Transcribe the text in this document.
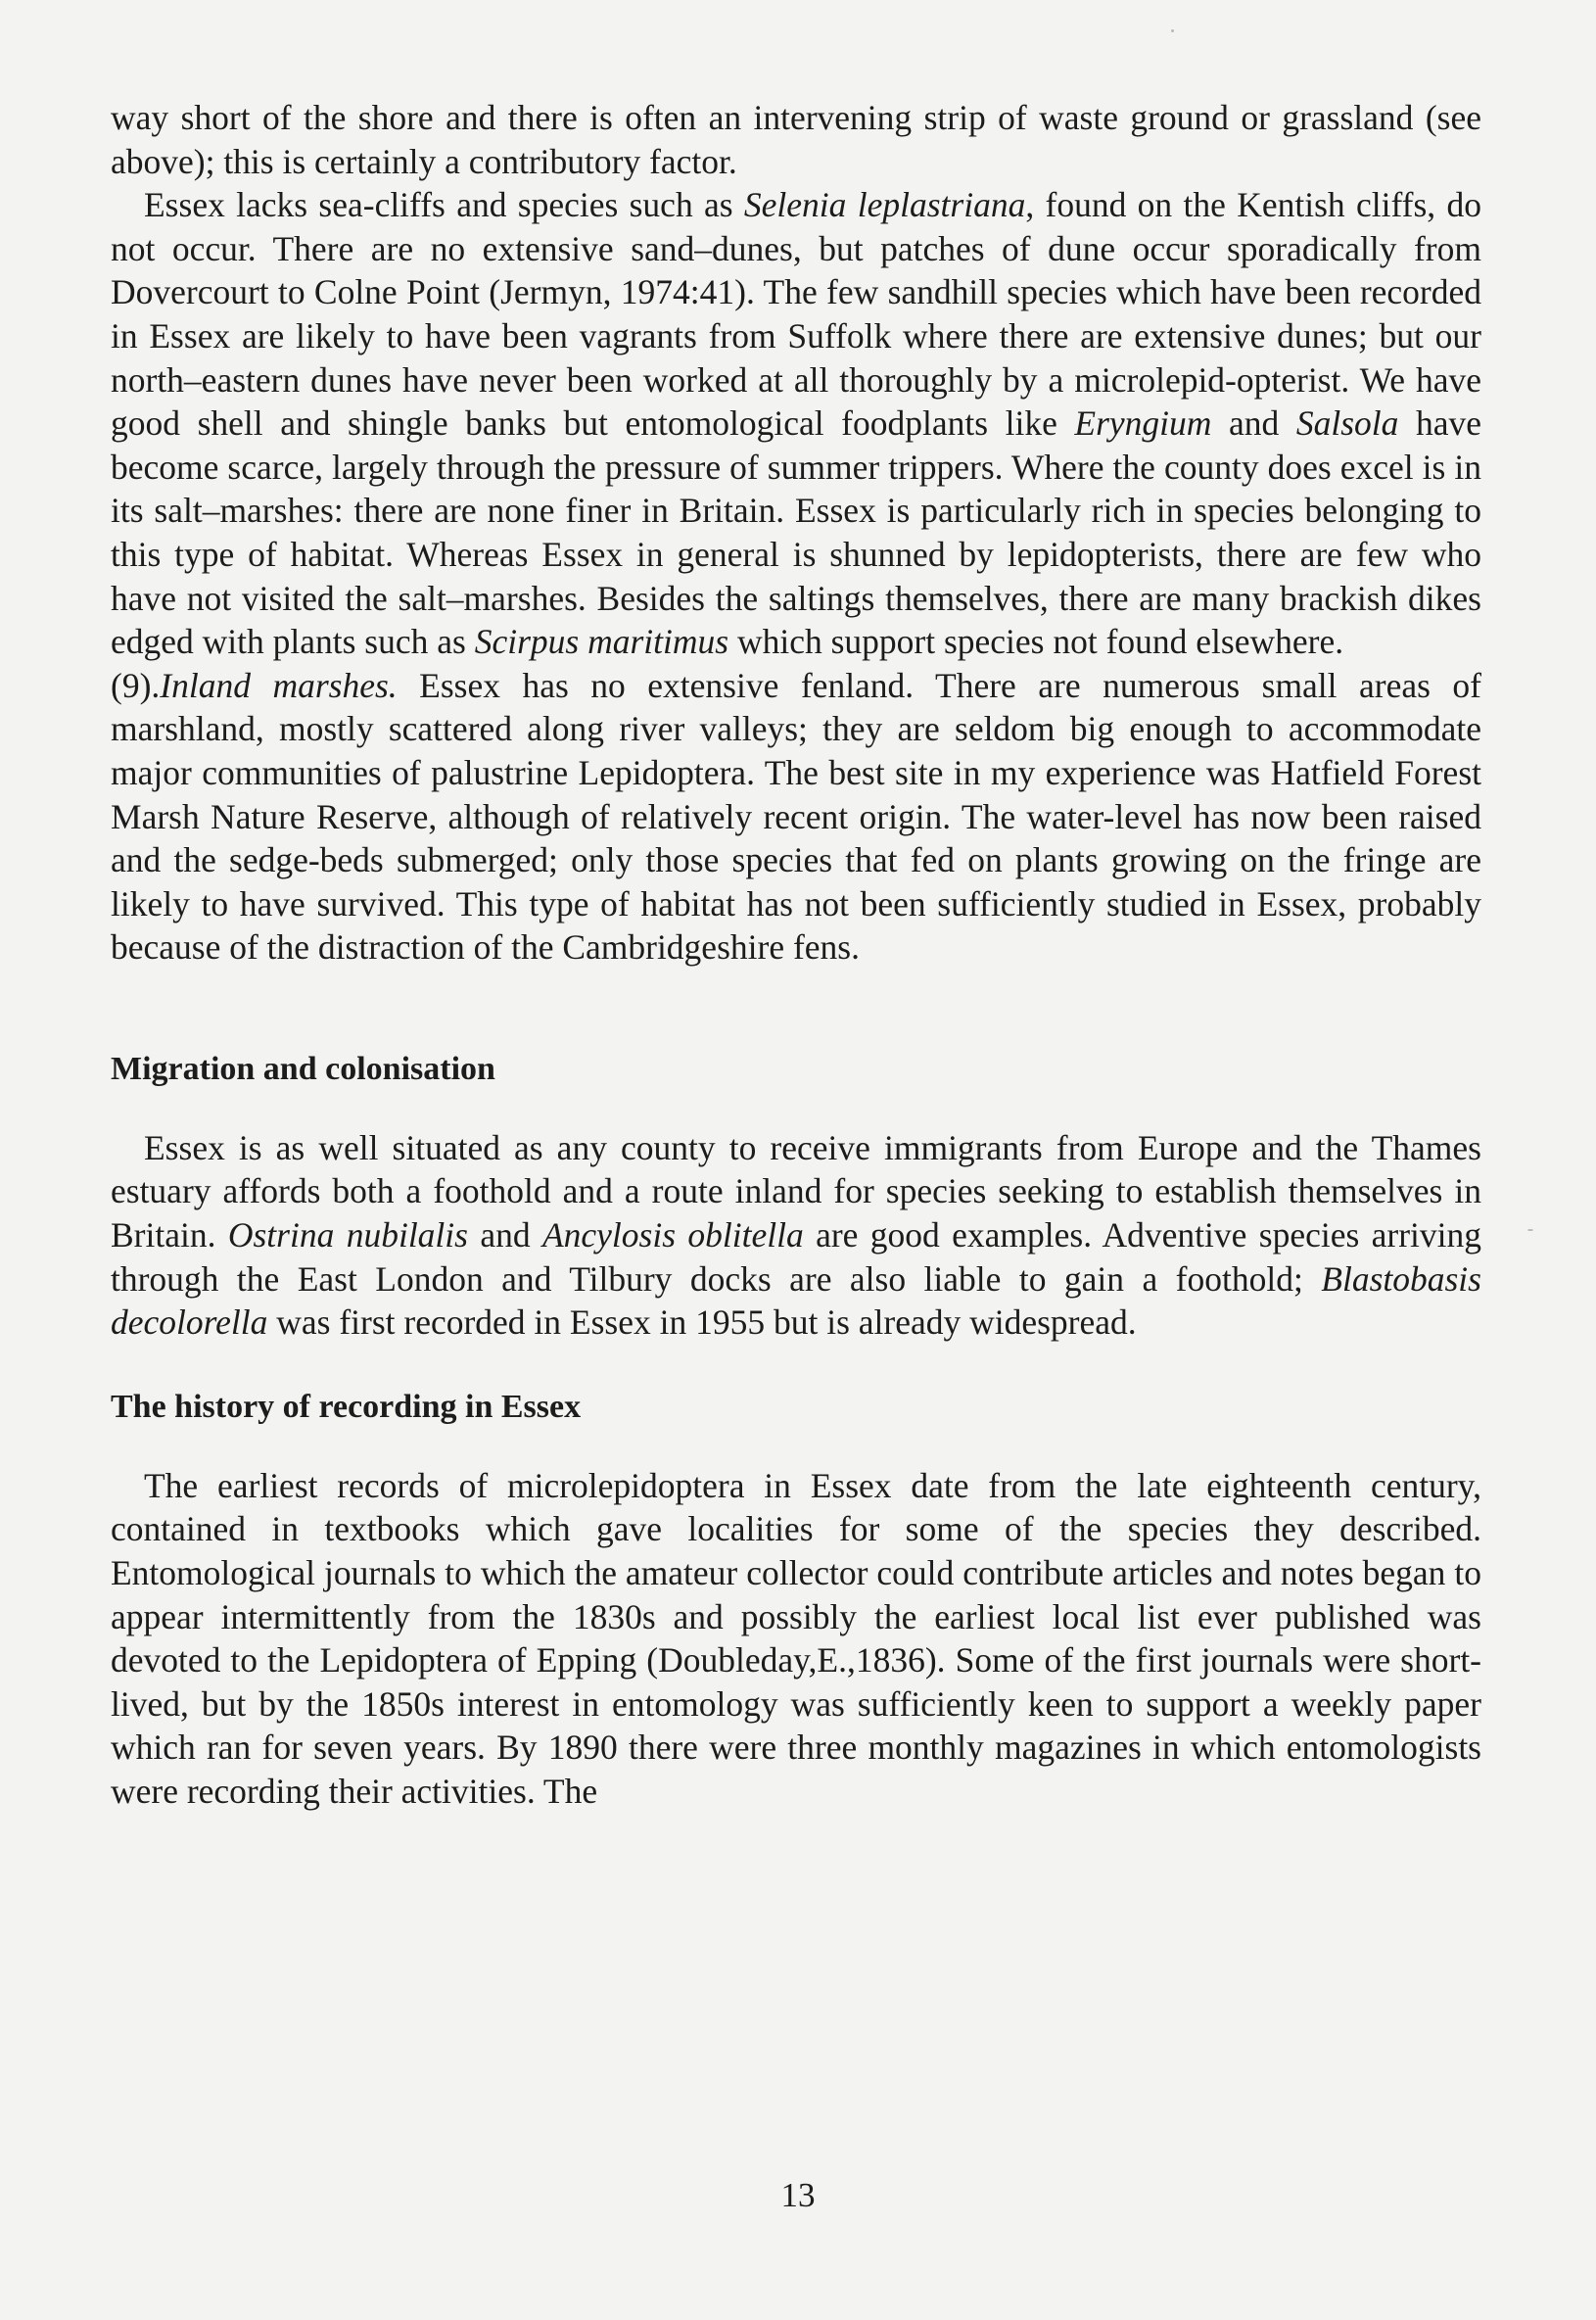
way short of the shore and there is often an intervening strip of waste ground or grassland (see above); this is certainly a contributory factor.

Essex lacks sea-cliffs and species such as Selenia leplastriana, found on the Kentish cliffs, do not occur. There are no extensive sand–dunes, but patches of dune occur sporadically from Dovercourt to Colne Point (Jermyn, 1974:41). The few sandhill species which have been recorded in Essex are likely to have been vagrants from Suffolk where there are extensive dunes; but our north–eastern dunes have never been worked at all thoroughly by a microlepid-opterist. We have good shell and shingle banks but entomological foodplants like Eryngium and Salsola have become scarce, largely through the pressure of summer trippers. Where the county does excel is in its salt–marshes: there are none finer in Britain. Essex is particularly rich in species belonging to this type of habitat. Whereas Essex in general is shunned by lepidopterists, there are few who have not visited the salt–marshes. Besides the saltings themselves, there are many brackish dikes edged with plants such as Scirpus maritimus which support species not found elsewhere.

(9).Inland marshes. Essex has no extensive fenland. There are numerous small areas of marshland, mostly scattered along river valleys; they are seldom big enough to accommodate major communities of palustrine Lepidoptera. The best site in my experience was Hatfield Forest Marsh Nature Reserve, although of relatively recent origin. The water-level has now been raised and the sedge-beds submerged; only those species that fed on plants growing on the fringe are likely to have survived. This type of habitat has not been sufficiently studied in Essex, probably because of the distraction of the Cambridgeshire fens.

Migration and colonisation

Essex is as well situated as any county to receive immigrants from Europe and the Thames estuary affords both a foothold and a route inland for species seeking to establish themselves in Britain. Ostrina nubilalis and Ancylosis oblitella are good examples. Adventive species arriving through the East London and Tilbury docks are also liable to gain a foothold; Blastobasis decolorella was first recorded in Essex in 1955 but is already widespread.

The history of recording in Essex

The earliest records of microlepidoptera in Essex date from the late eighteenth century, contained in textbooks which gave localities for some of the species they described. Entomological journals to which the amateur collector could contribute articles and notes began to appear intermittently from the 1830s and possibly the earliest local list ever published was devoted to the Lepidoptera of Epping (Doubleday,E.,1836). Some of the first journals were short-lived, but by the 1850s interest in entomology was sufficiently keen to support a weekly paper which ran for seven years. By 1890 there were three monthly magazines in which entomologists were recording their activities. The

13
